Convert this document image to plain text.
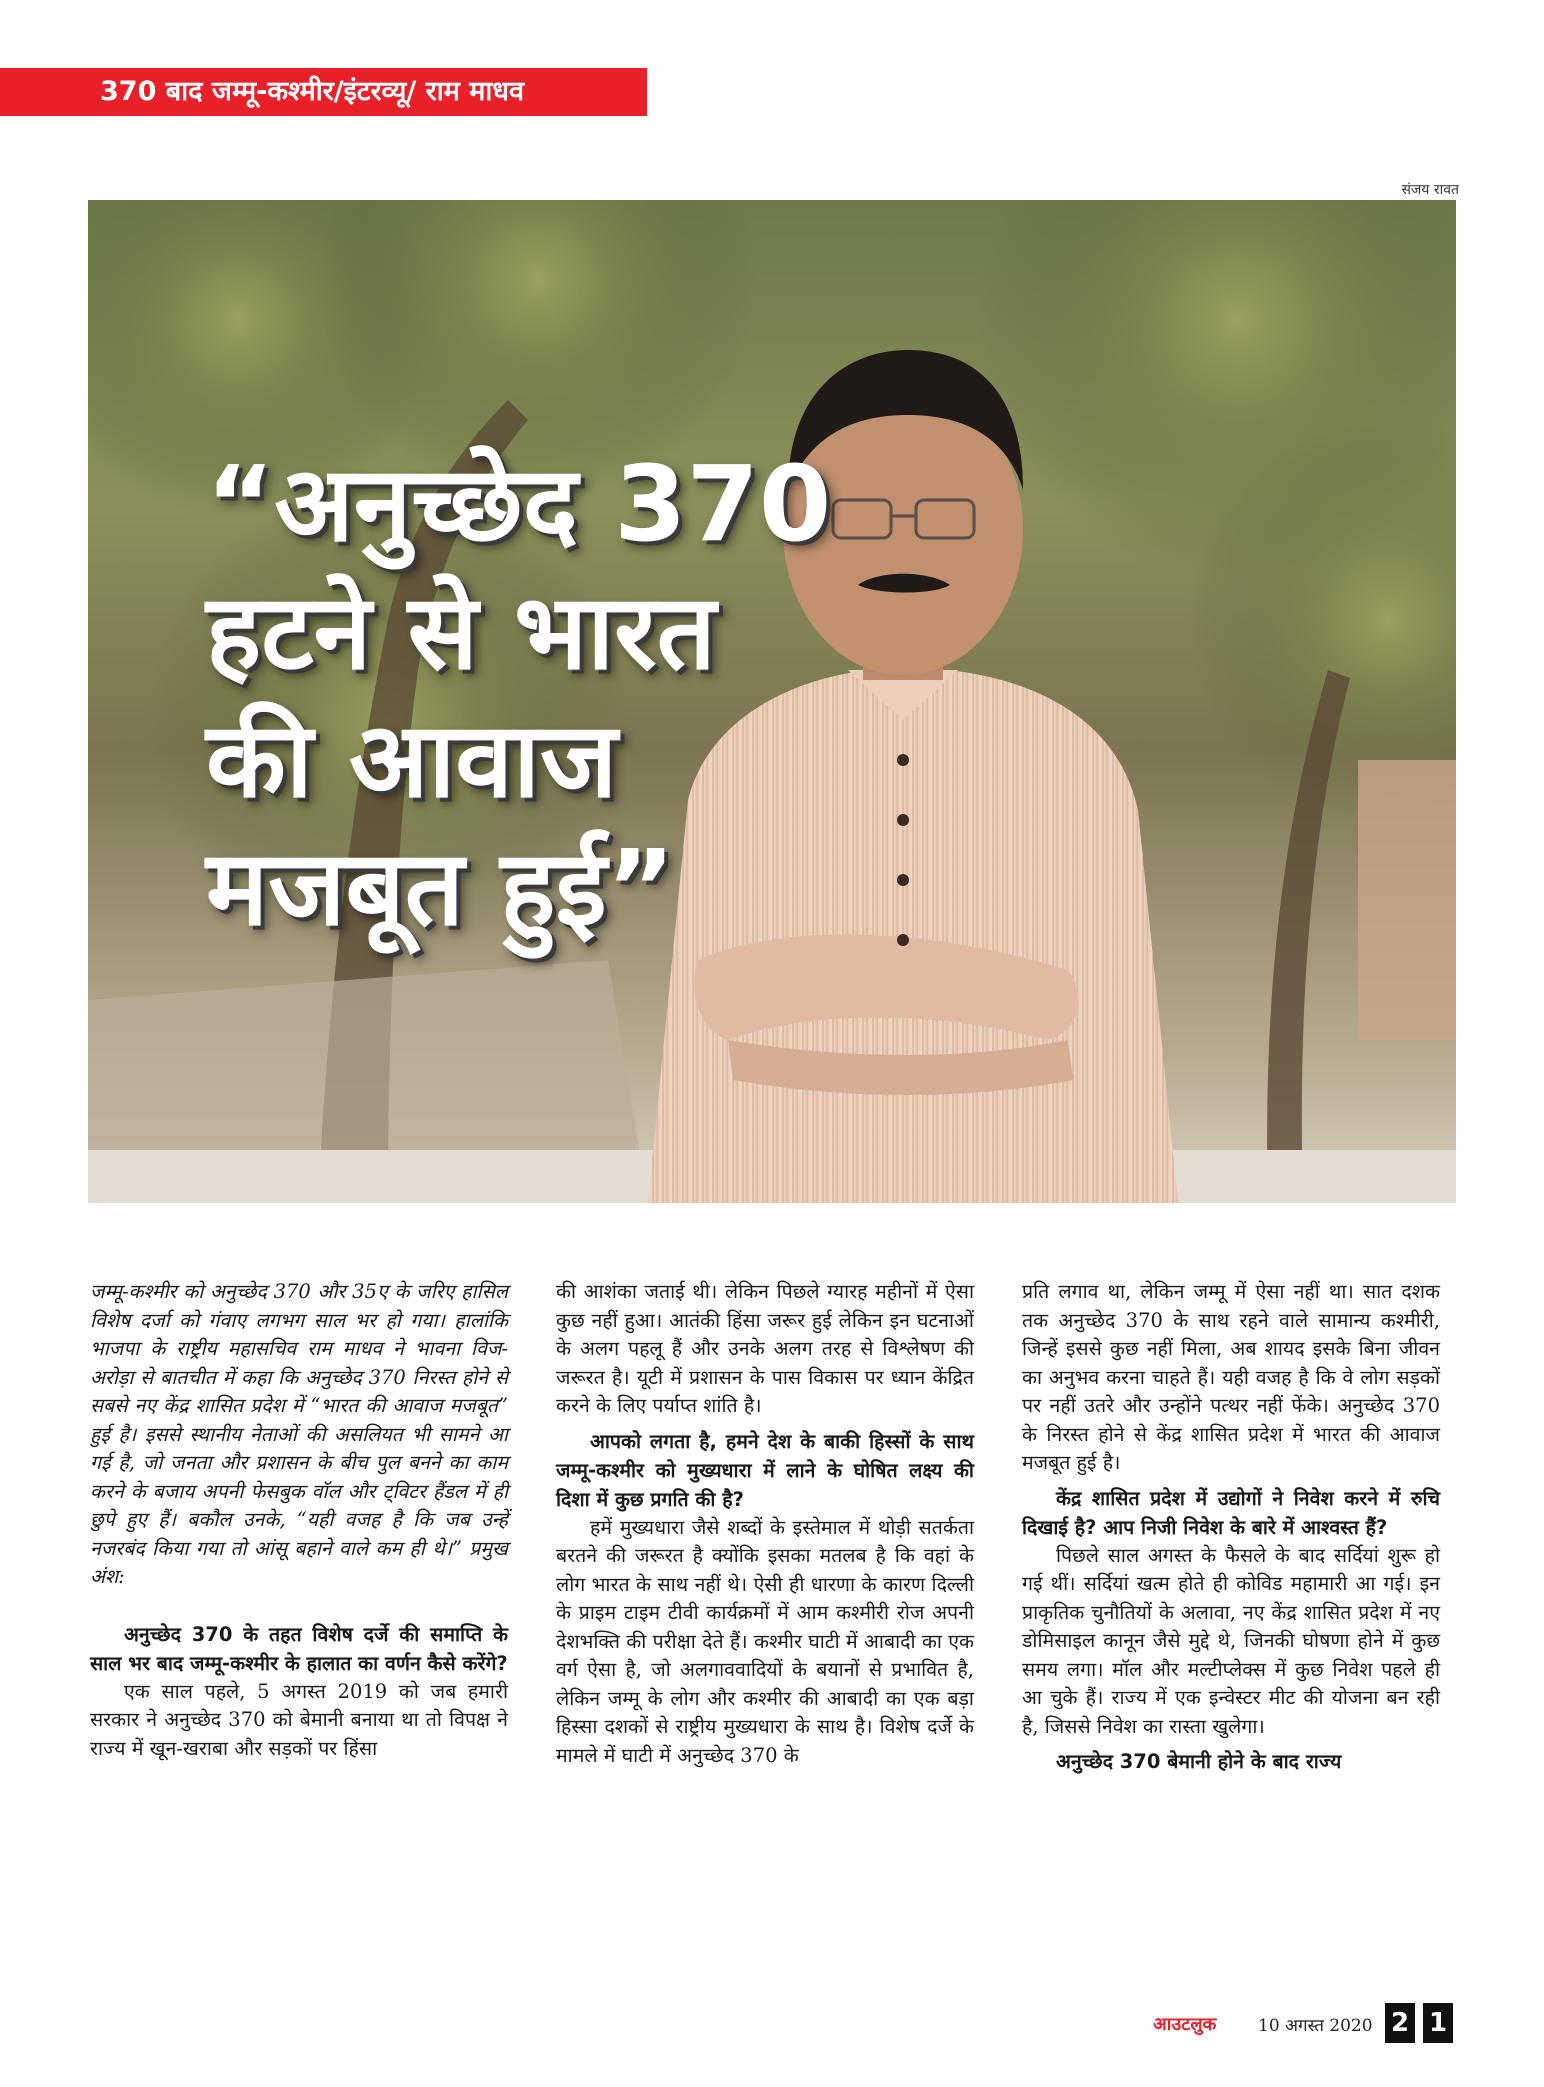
370 बाद जम्मू-कश्मीर/इंटरव्यू/ राम माधव
संजय रावत
“अनुच्छेद 370
हटने से भारत
की आवाज
मजबूत हुई”

जम्मू-कश्मीर को अनुच्छेद 370 और 35ए के जरिए हासिल विशेष दर्जा को गंवाए लगभग साल भर हो गया। हालांकि भाजपा के राष्ट्रीय महासचिव राम माधव ने भावना विज-अरोड़ा से बातचीत में कहा कि अनुच्छेद 370 निरस्त होने से सबसे नए केंद्र शासित प्रदेश में “भारत की आवाज मजबूत” हुई है। इससे स्थानीय नेताओं की असलियत भी सामने आ गई है, जो जनता और प्रशासन के बीच पुल बनने का काम करने के बजाय अपनी फेसबुक वॉल और ट्विटर हैंडल में ही छुपे हुए हैं। बकौल उनके, “यही वजह है कि जब उन्हें नजरबंद किया गया तो आंसू बहाने वाले कम ही थे।” प्रमुख अंश:

अनुच्छेद 370 के तहत विशेष दर्जे की समाप्ति के साल भर बाद जम्मू-कश्मीर के हालात का वर्णन कैसे करेंगे?

एक साल पहले, 5 अगस्त 2019 को जब हमारी सरकार ने अनुच्छेद 370 को बेमानी बनाया था तो विपक्ष ने राज्य में खून-खराबा और सड़कों पर हिंसा

की आशंका जताई थी। लेकिन पिछले ग्यारह महीनों में ऐसा कुछ नहीं हुआ। आतंकी हिंसा जरूर हुई लेकिन इन घटनाओं के अलग पहलू हैं और उनके अलग तरह से विश्लेषण की जरूरत है। यूटी में प्रशासन के पास विकास पर ध्यान केंद्रित करने के लिए पर्याप्त शांति है।

आपको लगता है, हमने देश के बाकी हिस्सों के साथ जम्मू-कश्मीर को मुख्यधारा में लाने के घोषित लक्ष्य की दिशा में कुछ प्रगति की है?

हमें मुख्यधारा जैसे शब्दों के इस्तेमाल में थोड़ी सतर्कता बरतने की जरूरत है क्योंकि इसका मतलब है कि वहां के लोग भारत के साथ नहीं थे। ऐसी ही धारणा के कारण दिल्ली के प्राइम टाइम टीवी कार्यक्रमों में आम कश्मीरी रोज अपनी देशभक्ति की परीक्षा देते हैं। कश्मीर घाटी में आबादी का एक वर्ग ऐसा है, जो अलगाववादियों के बयानों से प्रभावित है, लेकिन जम्मू के लोग और कश्मीर की आबादी का एक बड़ा हिस्सा दशकों से राष्ट्रीय मुख्यधारा के साथ है। विशेष दर्जे के मामले में घाटी में अनुच्छेद 370 के

प्रति लगाव था, लेकिन जम्मू में ऐसा नहीं था। सात दशक तक अनुच्छेद 370 के साथ रहने वाले सामान्य कश्मीरी, जिन्हें इससे कुछ नहीं मिला, अब शायद इसके बिना जीवन का अनुभव करना चाहते हैं। यही वजह है कि वे लोग सड़कों पर नहीं उतरे और उन्होंने पत्थर नहीं फेंके। अनुच्छेद 370 के निरस्त होने से केंद्र शासित प्रदेश में भारत की आवाज मजबूत हुई है।

केंद्र शासित प्रदेश में उद्योगों ने निवेश करने में रुचि दिखाई है? आप निजी निवेश के बारे में आश्वस्त हैं?

पिछले साल अगस्त के फैसले के बाद सर्दियां शुरू हो गई थीं। सर्दियां खत्म होते ही कोविड महामारी आ गई। इन प्राकृतिक चुनौतियों के अलावा, नए केंद्र शासित प्रदेश में नए डोमिसाइल कानून जैसे मुद्दे थे, जिनकी घोषणा होने में कुछ समय लगा। मॉल और मल्टीप्लेक्स में कुछ निवेश पहले ही आ चुके हैं। राज्य में एक इन्वेस्टर मीट की योजना बन रही है, जिससे निवेश का रास्ता खुलेगा।

अनुच्छेद 370 बेमानी होने के बाद राज्य

आउटलुक 10 अगस्त 2020 2 1
